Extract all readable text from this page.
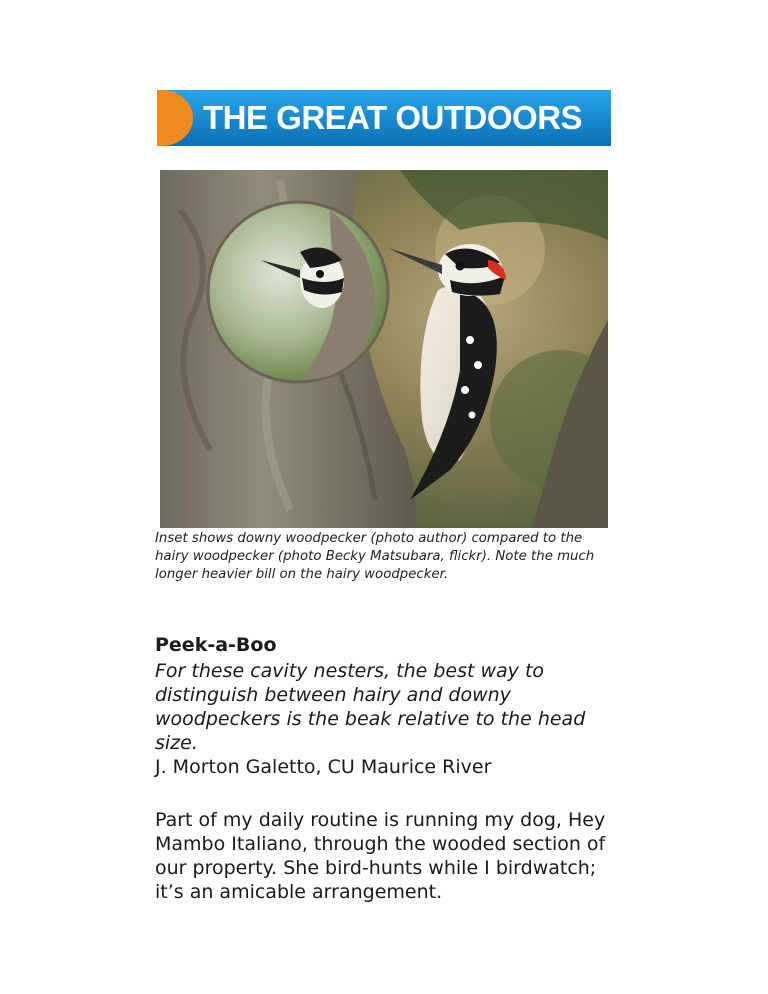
THE GREAT OUTDOORS

Inset shows downy woodpecker (photo author) compared to the hairy woodpecker (photo Becky Matsubara, flickr). Note the much longer heavier bill on the hairy woodpecker.

Peek-a-Boo

For these cavity nesters, the best way to distinguish between hairy and downy woodpeckers is the beak relative to the head size.

J. Morton Galetto, CU Maurice River

Part of my daily routine is running my dog, Hey Mambo Italiano, through the wooded section of our property. She bird-hunts while I birdwatch; it’s an amicable arrangement.
